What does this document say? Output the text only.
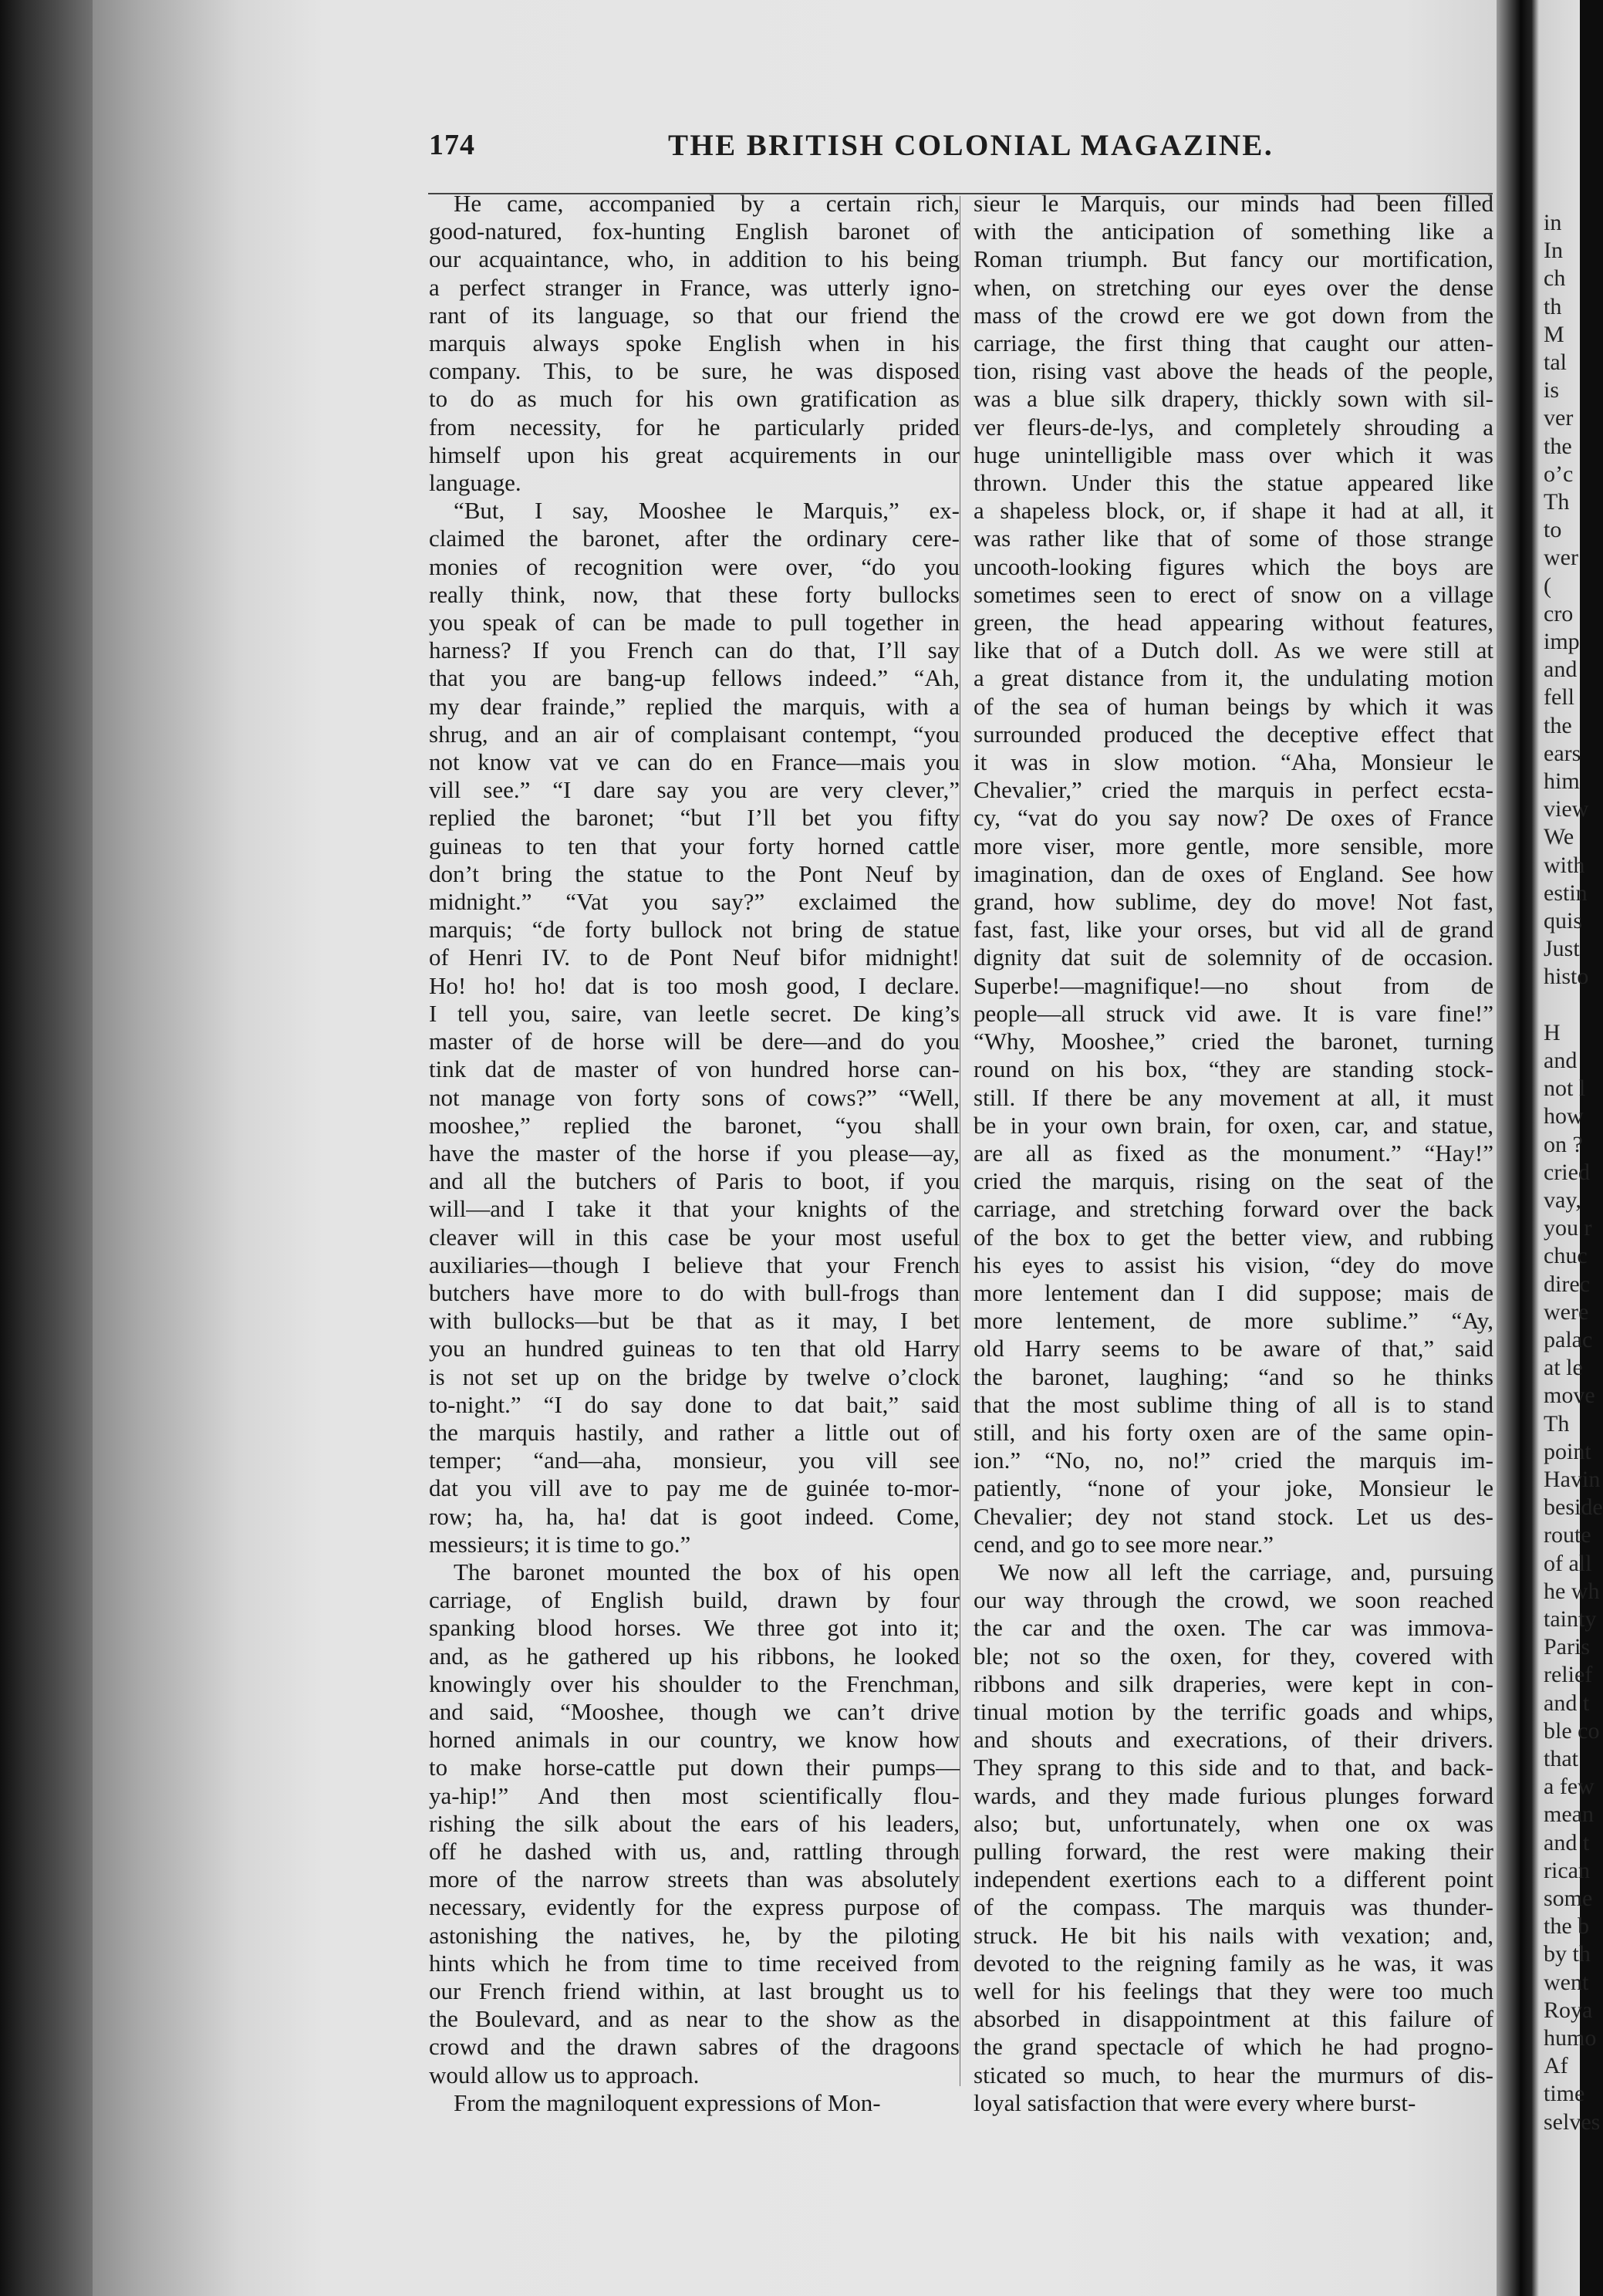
in
In
ch
th
M
tal
is
ver
the
o’c
Th
to
wer
(
cro
imp
and
fell
the
ears
him
view
We
with
estin
quis
Just
histo
H
and
not l
how
on ?
cried
vay,
you r
chuc
direc
were
palac
at le
move
Th
point
Havin
beside
route
of all
he wh
tainty
Paris
relief
and t
ble co
that
a few
mean
and t
rican
some
the b
by th
went
Roya
humo
Af
time
selves
174	THE BRITISH COLONIAL MAGAZINE.
He came, accompanied by a certain rich,
good-natured, fox-hunting English baronet of
our acquaintance, who, in addition to his being
a perfect stranger in France, was utterly igno-
rant of its language, so that our friend the
marquis always spoke English when in his
company. This, to be sure, he was disposed
to do as much for his own gratification as
from necessity, for he particularly prided
himself upon his great acquirements in our
language.
“But, I say, Mooshee le Marquis,” ex-
claimed the baronet, after the ordinary cere-
monies of recognition were over, “do you
really think, now, that these forty bullocks
you speak of can be made to pull together in
harness? If you French can do that, I’ll say
that you are bang-up fellows indeed.” “Ah,
my dear frainde,” replied the marquis, with a
shrug, and an air of complaisant contempt, “you
not know vat ve can do en France—mais you
vill see.” “I dare say you are very clever,”
replied the baronet; “but I’ll bet you fifty
guineas to ten that your forty horned cattle
don’t bring the statue to the Pont Neuf by
midnight.” “Vat you say?” exclaimed the
marquis; “de forty bullock not bring de statue
of Henri IV. to de Pont Neuf bifor midnight!
Ho! ho! ho! dat is too mosh good, I declare.
I tell you, saire, van leetle secret. De king’s
master of de horse will be dere—and do you
tink dat de master of von hundred horse can-
not manage von forty sons of cows?” “Well,
mooshee,” replied the baronet, “you shall
have the master of the horse if you please—ay,
and all the butchers of Paris to boot, if you
will—and I take it that your knights of the
cleaver will in this case be your most useful
auxiliaries—though I believe that your French
butchers have more to do with bull-frogs than
with bullocks—but be that as it may, I bet
you an hundred guineas to ten that old Harry
is not set up on the bridge by twelve o’clock
to-night.” “I do say done to dat bait,” said
the marquis hastily, and rather a little out of
temper; “and—aha, monsieur, you vill see
dat you vill ave to pay me de guinée to-mor-
row; ha, ha, ha! dat is goot indeed. Come,
messieurs; it is time to go.”
The baronet mounted the box of his open
carriage, of English build, drawn by four
spanking blood horses. We three got into it;
and, as he gathered up his ribbons, he looked
knowingly over his shoulder to the Frenchman,
and said, “Mooshee, though we can’t drive
horned animals in our country, we know how
to make horse-cattle put down their pumps—
ya-hip!” And then most scientifically flou-
rishing the silk about the ears of his leaders,
off he dashed with us, and, rattling through
more of the narrow streets than was absolutely
necessary, evidently for the express purpose of
astonishing the natives, he, by the piloting
hints which he from time to time received from
our French friend within, at last brought us to
the Boulevard, and as near to the show as the
crowd and the drawn sabres of the dragoons
would allow us to approach.
From the magniloquent expressions of Mon-
sieur le Marquis, our minds had been filled
with the anticipation of something like a
Roman triumph. But fancy our mortification,
when, on stretching our eyes over the dense
mass of the crowd ere we got down from the
carriage, the first thing that caught our atten-
tion, rising vast above the heads of the people,
was a blue silk drapery, thickly sown with sil-
ver fleurs-de-lys, and completely shrouding a
huge unintelligible mass over which it was
thrown. Under this the statue appeared like
a shapeless block, or, if shape it had at all, it
was rather like that of some of those strange
uncooth-looking figures which the boys are
sometimes seen to erect of snow on a village
green, the head appearing without features,
like that of a Dutch doll. As we were still at
a great distance from it, the undulating motion
of the sea of human beings by which it was
surrounded produced the deceptive effect that
it was in slow motion. “Aha, Monsieur le
Chevalier,” cried the marquis in perfect ecsta-
cy, “vat do you say now? De oxes of France
more viser, more gentle, more sensible, more
imagination, dan de oxes of England. See how
grand, how sublime, dey do move! Not fast,
fast, fast, like your orses, but vid all de grand
dignity dat suit de solemnity of de occasion.
Superbe!—magnifique!—no shout from de
people—all struck vid awe. It is vare fine!”
“Why, Mooshee,” cried the baronet, turning
round on his box, “they are standing stock-
still. If there be any movement at all, it must
be in your own brain, for oxen, car, and statue,
are all as fixed as the monument.” “Hay!”
cried the marquis, rising on the seat of the
carriage, and stretching forward over the back
of the box to get the better view, and rubbing
his eyes to assist his vision, “dey do move
more lentement dan I did suppose; mais de
more lentement, de more sublime.” “Ay,
old Harry seems to be aware of that,” said
the baronet, laughing; “and so he thinks
that the most sublime thing of all is to stand
still, and his forty oxen are of the same opin-
ion.” “No, no, no!” cried the marquis im-
patiently, “none of your joke, Monsieur le
Chevalier; dey not stand stock. Let us des-
cend, and go to see more near.”
We now all left the carriage, and, pursuing
our way through the crowd, we soon reached
the car and the oxen. The car was immova-
ble; not so the oxen, for they, covered with
ribbons and silk draperies, were kept in con-
tinual motion by the terrific goads and whips,
and shouts and execrations, of their drivers.
They sprang to this side and to that, and back-
wards, and they made furious plunges forward
also; but, unfortunately, when one ox was
pulling forward, the rest were making their
independent exertions each to a different point
of the compass. The marquis was thunder-
struck. He bit his nails with vexation; and,
devoted to the reigning family as he was, it was
well for his feelings that they were too much
absorbed in disappointment at this failure of
the grand spectacle of which he had progno-
sticated so much, to hear the murmurs of dis-
loyal satisfaction that were every where burst-
